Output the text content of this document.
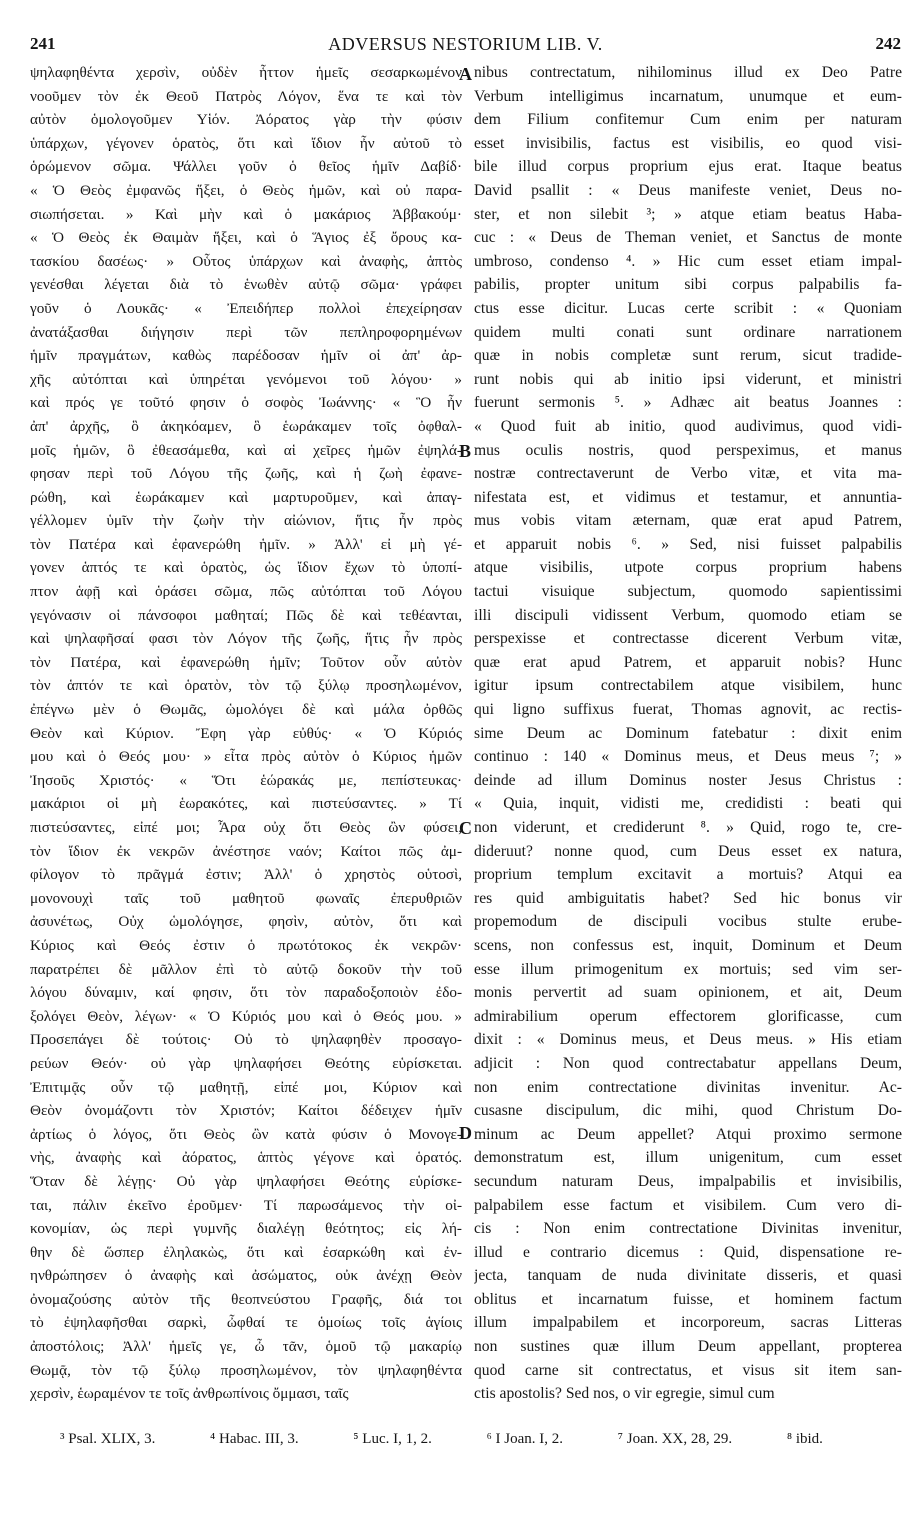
241	ADVERSUS NESTORIUM LIB. V.	242
ψηλαφηθέντα χερσὶν, οὐδὲν ἧττον ἡμεῖς σεσαρκωμένον
νοοῦμεν τὸν ἐκ Θεοῦ Πατρὸς Λόγον, ἕνα τε καὶ τὸν
αὐτὸν ὁμολογοῦμεν Υἱόν. Ἀόρατος γὰρ τὴν φύσιν
ὑπάρχων, γέγονεν ὁρατὸς, ὅτι καὶ ἴδιον ἦν αὐτοῦ τὸ
ὁρώμενον σῶμα. Ψάλλει γοῦν ὁ θεῖος ἡμῖν Δαβίδ·
« Ὁ Θεὸς ἐμφανῶς ἥξει, ὁ Θεὸς ἡμῶν, καὶ οὐ παρα-
σιωπήσεται. » Καὶ μὴν καὶ ὁ μακάριος Ἀββακούμ·
« Ὁ Θεὸς ἐκ Θαιμὰν ἥξει, καὶ ὁ Ἅγιος ἐξ ὄρους κα-
τασκίου δασέως· » Οὗτος ὑπάρχων καὶ ἀναφὴς, ἁπτὸς
γενέσθαι λέγεται διὰ τὸ ἑνωθὲν αὐτῷ σῶμα· γράφει
γοῦν ὁ Λουκᾶς· « Ἐπειδήπερ πολλοὶ ἐπεχείρησαν
ἀνατάξασθαι διήγησιν περὶ τῶν πεπληροφορημένων
ἡμῖν πραγμάτων, καθὼς παρέδοσαν ἡμῖν οἱ ἀπ' ἀρ-
χῆς αὐτόπται καὶ ὑπηρέται γενόμενοι τοῦ λόγου· »
καὶ πρός γε τοῦτό φησιν ὁ σοφὸς Ἰωάννης· « Ὃ ἦν
ἀπ' ἀρχῆς, ὃ ἀκηκόαμεν, ὃ ἑωράκαμεν τοῖς ὀφθαλ-
μοῖς ἡμῶν, ὃ ἐθεασάμεθα, καὶ αἱ χεῖρες ἡμῶν ἐψηλά-
φησαν περὶ τοῦ Λόγου τῆς ζωῆς, καὶ ἡ ζωὴ ἐφανε-
ρώθη, καὶ ἑωράκαμεν καὶ μαρτυροῦμεν, καὶ ἀπαγ-
γέλλομεν ὑμῖν τὴν ζωὴν τὴν αἰώνιον, ἥτις ἦν πρὸς
τὸν Πατέρα καὶ ἐφανερώθη ἡμῖν. » Ἀλλ' εἰ μὴ γέ-
γονεν ἁπτός τε καὶ ὁρατὸς, ὡς ἴδιον ἔχων τὸ ὑποπί-
πτον ἁφῇ καὶ ὁράσει σῶμα, πῶς αὐτόπται τοῦ Λόγου
γεγόνασιν οἱ πάνσοφοι μαθηταί; Πῶς δὲ καὶ τεθέανται,
καὶ ψηλαφῆσαί φασι τὸν Λόγον τῆς ζωῆς, ἥτις ἦν πρὸς
τὸν Πατέρα, καὶ ἐφανερώθη ἡμῖν; Τοῦτον οὖν αὐτὸν
τὸν ἁπτόν τε καὶ ὁρατὸν, τὸν τῷ ξύλῳ προσηλωμένον,
ἐπέγνω μὲν ὁ Θωμᾶς, ὡμολόγει δὲ καὶ μάλα ὀρθῶς
Θεὸν καὶ Κύριον. Ἔφη γὰρ εὐθύς· « Ὁ Κύριός
μου καὶ ὁ Θεός μου· » εἶτα πρὸς αὐτὸν ὁ Κύριος ἡμῶν
Ἰησοῦς Χριστός· « Ὅτι ἑώρακάς με, πεπίστευκας·
μακάριοι οἱ μὴ ἑωρακότες, καὶ πιστεύσαντες. » Τί
πιστεύσαντες, εἰπέ μοι; Ἆρα οὐχ ὅτι Θεὸς ὢν φύσει,
τὸν ἴδιον ἐκ νεκρῶν ἀνέστησε ναόν; Καίτοι πῶς ἀμ-
φίλογον τὸ πρᾶγμά ἐστιν; Ἀλλ' ὁ χρηστὸς οὑτοσὶ,
μονονουχὶ ταῖς τοῦ μαθητοῦ φωναῖς ἐπερυθριῶν
ἀσυνέτως, Οὐχ ὡμολόγησε, φησὶν, αὐτὸν, ὅτι καὶ
Κύριος καὶ Θεός ἐστιν ὁ πρωτότοκος ἐκ νεκρῶν·
παρατρέπει δὲ μᾶλλον ἐπὶ τὸ αὐτῷ δοκοῦν τὴν τοῦ
λόγου δύναμιν, καί φησιν, ὅτι τὸν παραδοξοποιὸν ἐδο-
ξολόγει Θεὸν, λέγων· « Ὁ Κύριός μου καὶ ὁ Θεός μου. »
Προσεπάγει δὲ τούτοις· Οὐ τὸ ψηλαφηθὲν προσαγο-
ρεύων Θεόν· οὐ γὰρ ψηλαφήσει Θεότης εὑρίσκεται.
Ἐπιτιμᾷς οὖν τῷ μαθητῇ, εἰπέ μοι, Κύριον καὶ
Θεὸν ὀνομάζοντι τὸν Χριστόν; Καίτοι δέδειχεν ἡμῖν
ἀρτίως ὁ λόγος, ὅτι Θεὸς ὢν κατὰ φύσιν ὁ Μονογε-
νὴς, ἀναφὴς καὶ ἀόρατος, ἁπτὸς γέγονε καὶ ὁρατός.
Ὅταν δὲ λέγῃς· Οὐ γὰρ ψηλαφήσει Θεότης εὑρίσκε-
ται, πάλιν ἐκεῖνο ἐροῦμεν· Τί παρωσάμενος τὴν οἰ-
κονομίαν, ὡς περὶ γυμνῆς διαλέγῃ θεότητος; εἰς λή-
θην δὲ ὥσπερ ἐληλακὼς, ὅτι καὶ ἐσαρκώθη καὶ ἐν-
ηνθρώπησεν ὁ ἀναφὴς καὶ ἀσώματος, οὐκ ἀνέχῃ Θεὸν
ὀνομαζούσης αὐτὸν τῆς θεοπνεύστου Γραφῆς, διά τοι
τὸ ἐψηλαφῆσθαι σαρκὶ, ὦφθαί τε ὁμοίως τοῖς ἁγίοις
ἀποστόλοις; Ἀλλ' ἡμεῖς γε, ὦ τᾶν, ὁμοῦ τῷ μακαρίῳ
Θωμᾷ, τὸν τῷ ξύλῳ προσηλωμένον, τὸν ψηλαφηθέντα
χερσὶν, ἑωραμένον τε τοῖς ἀνθρωπίνοις ὄμμασι, ταῖς
nibus contrectatum, nihilominus illud ex Deo Patre
Verbum intelligimus incarnatum, unumque et eum-
dem Filium confitemur Cum enim per naturam
esset invisibilis, factus est visibilis, eo quod visi-
bile illud corpus proprium ejus erat. Itaque beatus
David psallit : « Deus manifeste veniet, Deus no-
ster, et non silebit ³; » atque etiam beatus Haba-
cuc : « Deus de Theman veniet, et Sanctus de monte
umbroso, condenso ⁴. » Hic cum esset etiam impal-
pabilis, propter unitum sibi corpus palpabilis fa-
ctus esse dicitur. Lucas certe scribit : « Quoniam
quidem multi conati sunt ordinare narrationem
quæ in nobis completæ sunt rerum, sicut tradide-
runt nobis qui ab initio ipsi viderunt, et ministri
fuerunt sermonis ⁵. » Adhæc ait beatus Joannes :
« Quod fuit ab initio, quod audivimus, quod vidi-
mus oculis nostris, quod perspeximus, et manus
nostræ contrectaverunt de Verbo vitæ, et vita ma-
nifestata est, et vidimus et testamur, et annuntia-
mus vobis vitam æternam, quæ erat apud Patrem,
et apparuit nobis ⁶. » Sed, nisi fuisset palpabilis
atque visibilis, utpote corpus proprium habens
tactui visuique subjectum, quomodo sapientissimi
illi discipuli vidissent Verbum, quomodo etiam se
perspexisse et contrectasse dicerent Verbum vitæ,
quæ erat apud Patrem, et apparuit nobis? Hunc
igitur ipsum contrectabilem atque visibilem, hunc
qui ligno suffixus fuerat, Thomas agnovit, ac rectis-
sime Deum ac Dominum fatebatur : dixit enim
continuo : 140 « Dominus meus, et Deus meus ⁷; »
deinde ad illum Dominus noster Jesus Christus :
« Quia, inquit, vidisti me, credidisti : beati qui
non viderunt, et crediderunt ⁸. » Quid, rogo te, cre-
dideruut? nonne quod, cum Deus esset ex natura,
proprium templum excitavit a mortuis? Atqui ea
res quid ambiguitatis habet? Sed hic bonus vir
propemodum de discipuli vocibus stulte erube-
scens, non confessus est, inquit, Dominum et Deum
esse illum primogenitum ex mortuis; sed vim ser-
monis pervertit ad suam opinionem, et ait, Deum
admirabilium operum effectorem glorificasse, cum
dixit : « Dominus meus, et Deus meus. » His etiam
adjicit : Non quod contrectabatur appellans Deum,
non enim contrectatione divinitas invenitur. Ac-
cusasne discipulum, dic mihi, quod Christum Do-
minum ac Deum appellet? Atqui proximo sermone
demonstratum est, illum unigenitum, cum esset
secundum naturam Deus, impalpabilis et invisibilis,
palpabilem esse factum et visibilem. Cum vero di-
cis : Non enim contrectatione Divinitas invenitur,
illud e contrario dicemus : Quid, dispensatione re-
jecta, tanquam de nuda divinitate disseris, et quasi
oblitus et incarnatum fuisse, et hominem factum
illum impalpabilem et incorporeum, sacras Litteras
non sustines quæ illum Deum appellant, propterea
quod carne sit contrectatus, et visus sit item san-
ctis apostolis? Sed nos, o vir egregie, simul cum
A
B
C
D
³ Psal. XLIX, 3.	⁴ Habac. III, 3.	⁵ Luc. I, 1, 2.	⁶ I Joan. I, 2.	⁷ Joan. XX, 28, 29.	⁸ ibid.
